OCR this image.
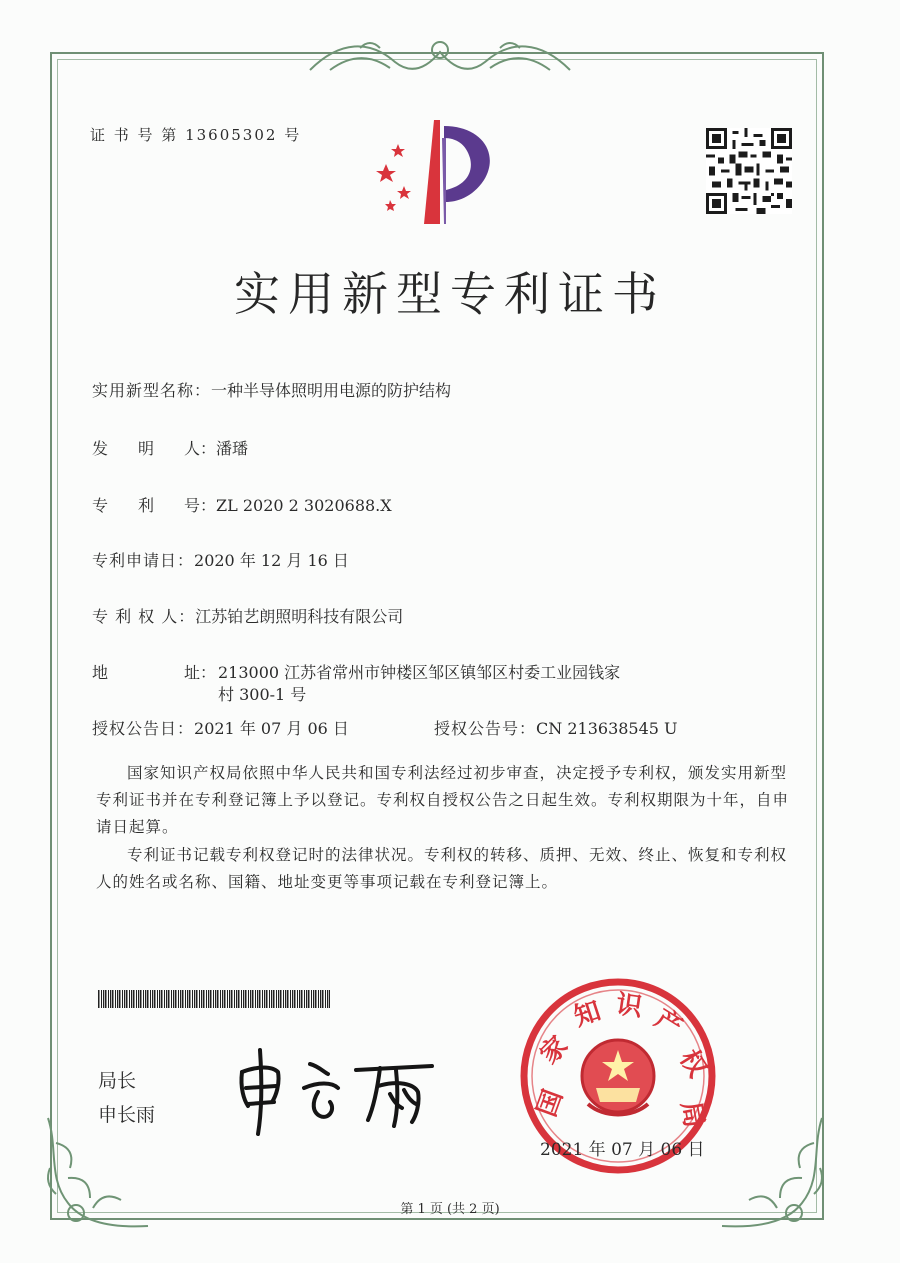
证 书 号 第 13605302 号
实用新型专利证书
实用新型名称：一种半导体照明用电源的防护结构
发 明 人 ：潘璠
专 利 号 ：ZL 2020 2 3020688.X
专利申请日：2020 年 12 月 16 日
专 利 权 人：江苏铂艺朗照明科技有限公司
地	址 ： 213000 江苏省常州市钟楼区邹区镇邹区村委工业园钱家
村 300-1 号
授权公告日：2021 年 07 月 06 日	授权公告号：CN 213638545 U
国家知识产权局依照中华人民共和国专利法经过初步审查，决定授予专利权，颁发实用新型专利证书并在专利登记簿上予以登记。专利权自授权公告之日起生效。专利权期限为十年，自申请日起算。
专利证书记载专利权登记时的法律状况。专利权的转移、质押、无效、终止、恢复和专利权人的姓名或名称、国籍、地址变更等事项记载在专利登记簿上。
局长
申长雨	国
家
知 识 产
权
局
2021 年 07 月 06 日
第 1 页 (共 2 页)
